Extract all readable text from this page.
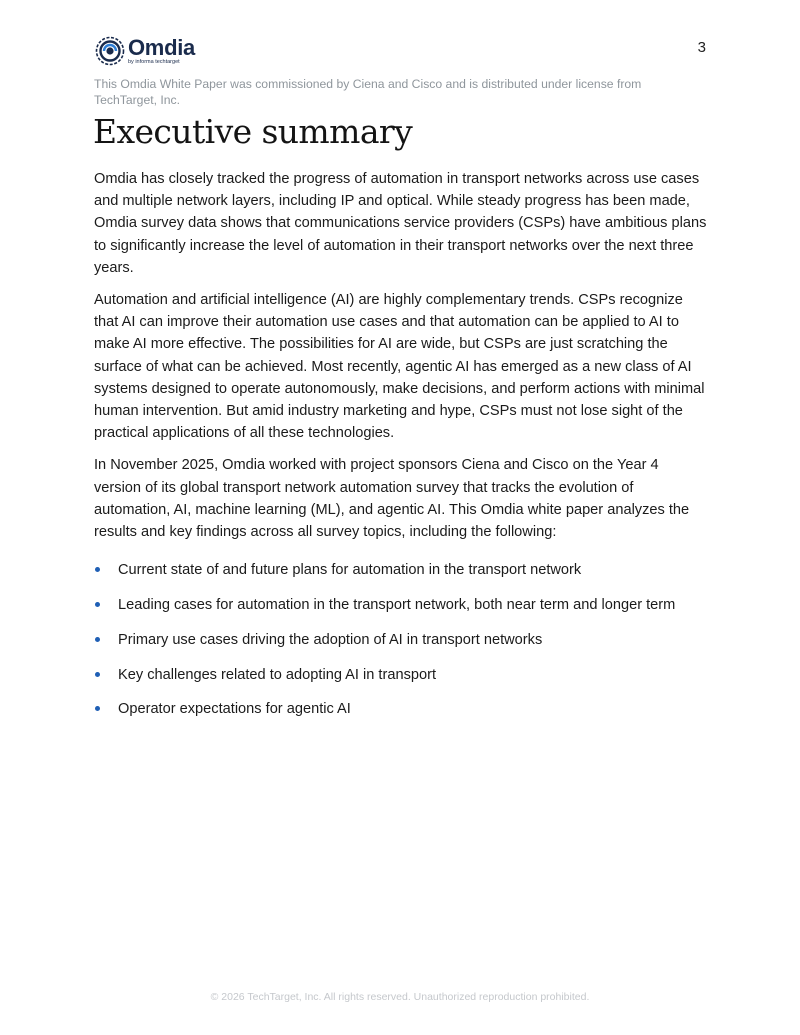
Omdia
by informa techtarget
3
This Omdia White Paper was commissioned by Ciena and Cisco and is distributed under license from TechTarget, Inc.
Executive summary

Omdia has closely tracked the progress of automation in transport networks across use cases and multiple network layers, including IP and optical. While steady progress has been made, Omdia survey data shows that communications service providers (CSPs) have ambitious plans to significantly increase the level of automation in their transport networks over the next three years.

Automation and artificial intelligence (AI) are highly complementary trends. CSPs recognize that AI can improve their automation use cases and that automation can be applied to AI to make AI more effective. The possibilities for AI are wide, but CSPs are just scratching the surface of what can be achieved. Most recently, agentic AI has emerged as a new class of AI systems designed to operate autonomously, make decisions, and perform actions with minimal human intervention. But amid industry marketing and hype, CSPs must not lose sight of the practical applications of all these technologies.

In November 2025, Omdia worked with project sponsors Ciena and Cisco on the Year 4 version of its global transport network automation survey that tracks the evolution of automation, AI, machine learning (ML), and agentic AI. This Omdia white paper analyzes the results and key findings across all survey topics, including the following:

Current state of and future plans for automation in the transport network
Leading cases for automation in the transport network, both near term and longer term
Primary use cases driving the adoption of AI in transport networks
Key challenges related to adopting AI in transport
Operator expectations for agentic AI
© 2026 TechTarget, Inc. All rights reserved. Unauthorized reproduction prohibited.
